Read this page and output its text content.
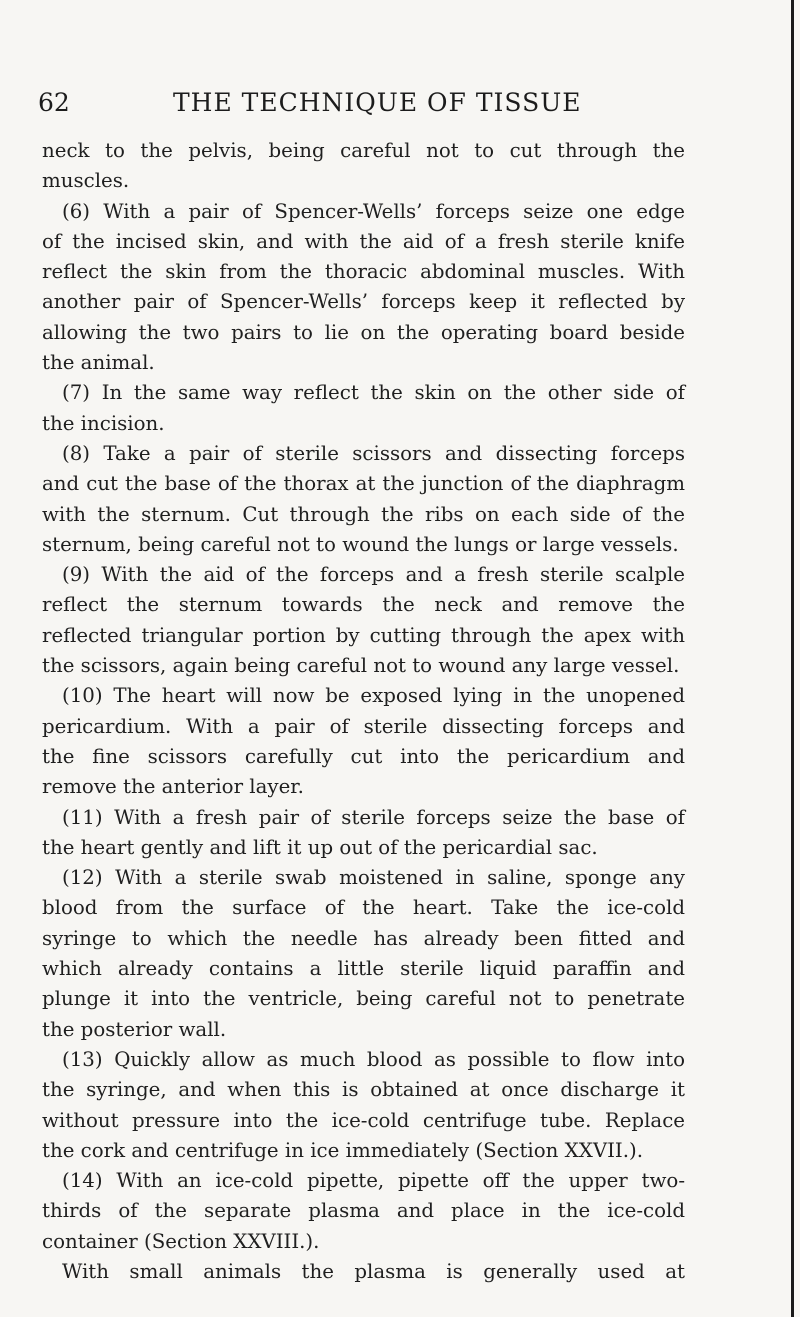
62	THE TECHNIQUE OF TISSUE
neck to the pelvis, being careful not to cut through the
muscles.
(6) With a pair of Spencer-Wells’ forceps seize one edge
of the incised skin, and with the aid of a fresh sterile knife
reflect the skin from the thoracic abdominal muscles. With
another pair of Spencer-Wells’ forceps keep it reflected by
allowing the two pairs to lie on the operating board beside
the animal.
(7) In the same way reflect the skin on the other side of
the incision.
(8) Take a pair of sterile scissors and dissecting forceps
and cut the base of the thorax at the junction of the diaphragm
with the sternum. Cut through the ribs on each side of the
sternum, being careful not to wound the lungs or large vessels.
(9) With the aid of the forceps and a fresh sterile scalple
reflect the sternum towards the neck and remove the
reflected triangular portion by cutting through the apex with
the scissors, again being careful not to wound any large vessel.
(10) The heart will now be exposed lying in the unopened
pericardium. With a pair of sterile dissecting forceps and
the fine scissors carefully cut into the pericardium and
remove the anterior layer.
(11) With a fresh pair of sterile forceps seize the base of
the heart gently and lift it up out of the pericardial sac.
(12) With a sterile swab moistened in saline, sponge any
blood from the surface of the heart. Take the ice-cold
syringe to which the needle has already been fitted and
which already contains a little sterile liquid paraffin and
plunge it into the ventricle, being careful not to penetrate
the posterior wall.
(13) Quickly allow as much blood as possible to flow into
the syringe, and when this is obtained at once discharge it
without pressure into the ice-cold centrifuge tube. Replace
the cork and centrifuge in ice immediately (Section XXVII.).
(14) With an ice-cold pipette, pipette off the upper two-
thirds of the separate plasma and place in the ice-cold
container (Section XXVIII.).
With small animals the plasma is generally used at
